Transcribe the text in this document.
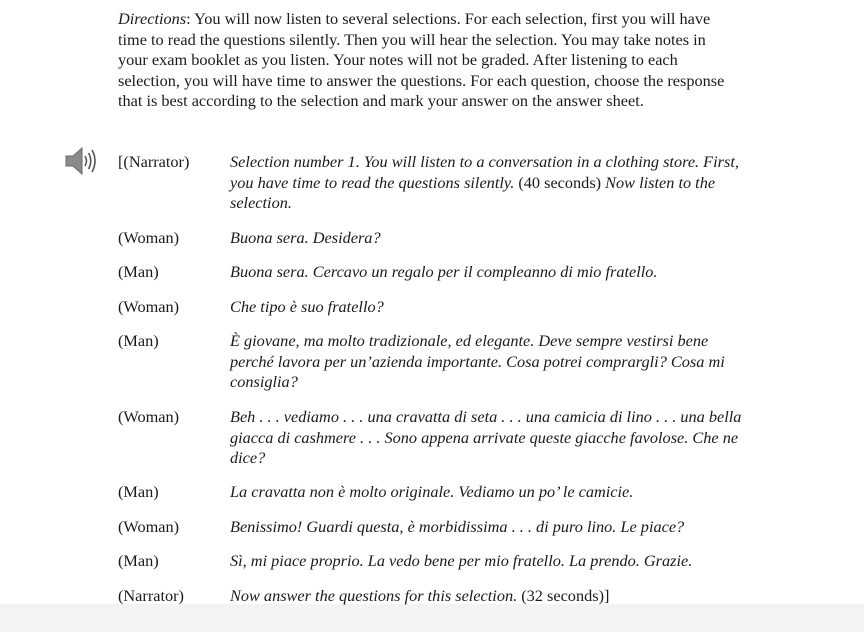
Directions: You will now listen to several selections. For each selection, first you will have time to read the questions silently. Then you will hear the selection. You may take notes in your exam booklet as you listen. Your notes will not be graded. After listening to each selection, you will have time to answer the questions. For each question, choose the response that is best according to the selection and mark your answer on the answer sheet.

[(Narrator)	Selection number 1. You will listen to a conversation in a clothing store. First, you have time to read the questions silently. (40 seconds) Now listen to the selection.
(Woman)	Buona sera. Desidera?
(Man)	Buona sera. Cercavo un regalo per il compleanno di mio fratello.
(Woman)	Che tipo è suo fratello?
(Man)	È giovane, ma molto tradizionale, ed elegante. Deve sempre vestirsi bene perché lavora per un’azienda importante. Cosa potrei comprargli? Cosa mi consiglia?
(Woman)	Beh . . . vediamo . . . una cravatta di seta . . . una camicia di lino . . . una bella giacca di cashmere . . . Sono appena arrivate queste giacche favolose. Che ne dice?
(Man)	La cravatta non è molto originale. Vediamo un po’ le camicie.
(Woman)	Benissimo! Guardi questa, è morbidissima . . . di puro lino. Le piace?
(Man)	Sì, mi piace proprio. La vedo bene per mio fratello. La prendo. Grazie.
(Narrator)	Now answer the questions for this selection. (32 seconds)]
